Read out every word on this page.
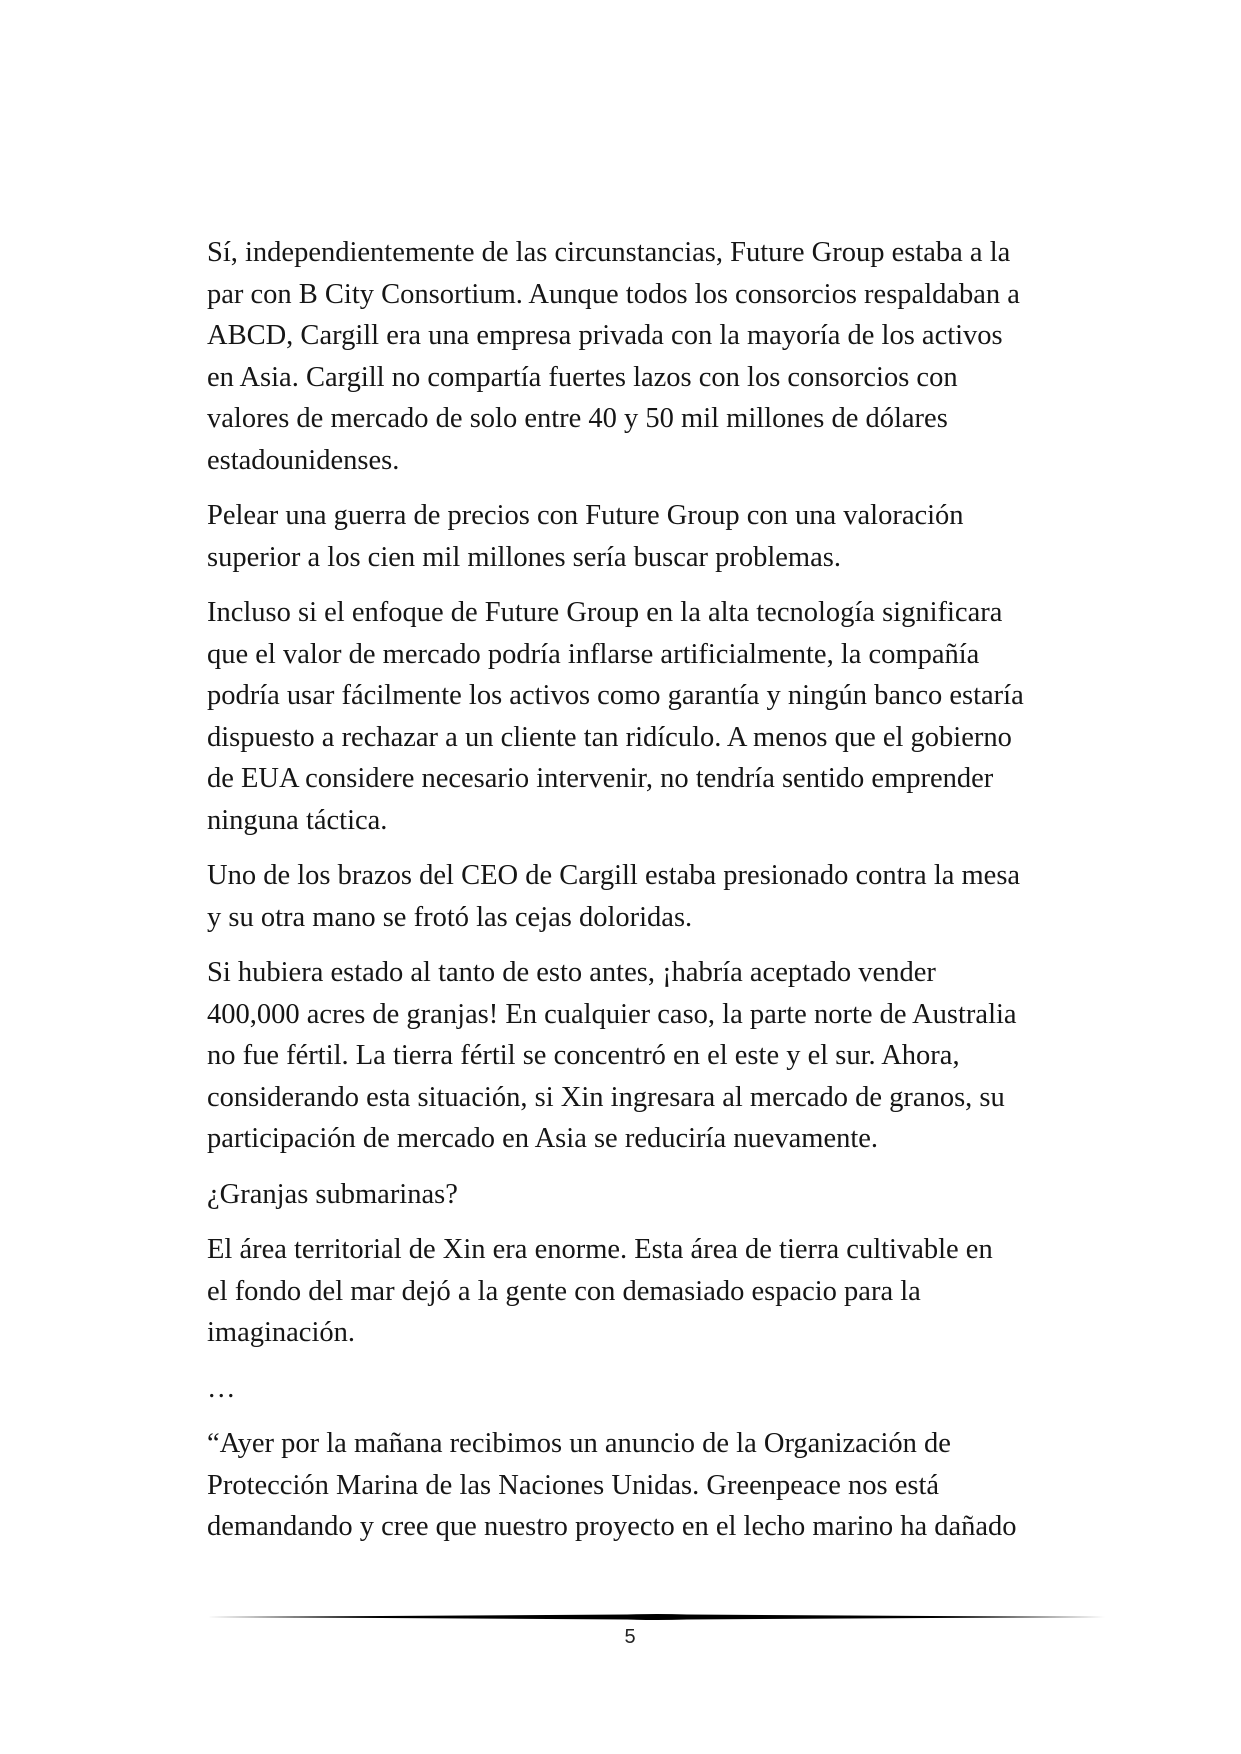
Sí, independientemente de las circunstancias, Future Group estaba a la
par con B City Consortium. Aunque todos los consorcios respaldaban a
ABCD, Cargill era una empresa privada con la mayoría de los activos
en Asia. Cargill no compartía fuertes lazos con los consorcios con
valores de mercado de solo entre 40 y 50 mil millones de dólares
estadounidenses.

Pelear una guerra de precios con Future Group con una valoración
superior a los cien mil millones sería buscar problemas.

Incluso si el enfoque de Future Group en la alta tecnología significara
que el valor de mercado podría inflarse artificialmente, la compañía
podría usar fácilmente los activos como garantía y ningún banco estaría
dispuesto a rechazar a un cliente tan ridículo. A menos que el gobierno
de EUA considere necesario intervenir, no tendría sentido emprender
ninguna táctica.

Uno de los brazos del CEO de Cargill estaba presionado contra la mesa
y su otra mano se frotó las cejas doloridas.

Si hubiera estado al tanto de esto antes, ¡habría aceptado vender
400,000 acres de granjas! En cualquier caso, la parte norte de Australia
no fue fértil. La tierra fértil se concentró en el este y el sur. Ahora,
considerando esta situación, si Xin ingresara al mercado de granos, su
participación de mercado en Asia se reduciría nuevamente.

¿Granjas submarinas?

El área territorial de Xin era enorme. Esta área de tierra cultivable en
el fondo del mar dejó a la gente con demasiado espacio para la
imaginación.

…

“Ayer por la mañana recibimos un anuncio de la Organización de
Protección Marina de las Naciones Unidas. Greenpeace nos está
demandando y cree que nuestro proyecto en el lecho marino ha dañado

5
